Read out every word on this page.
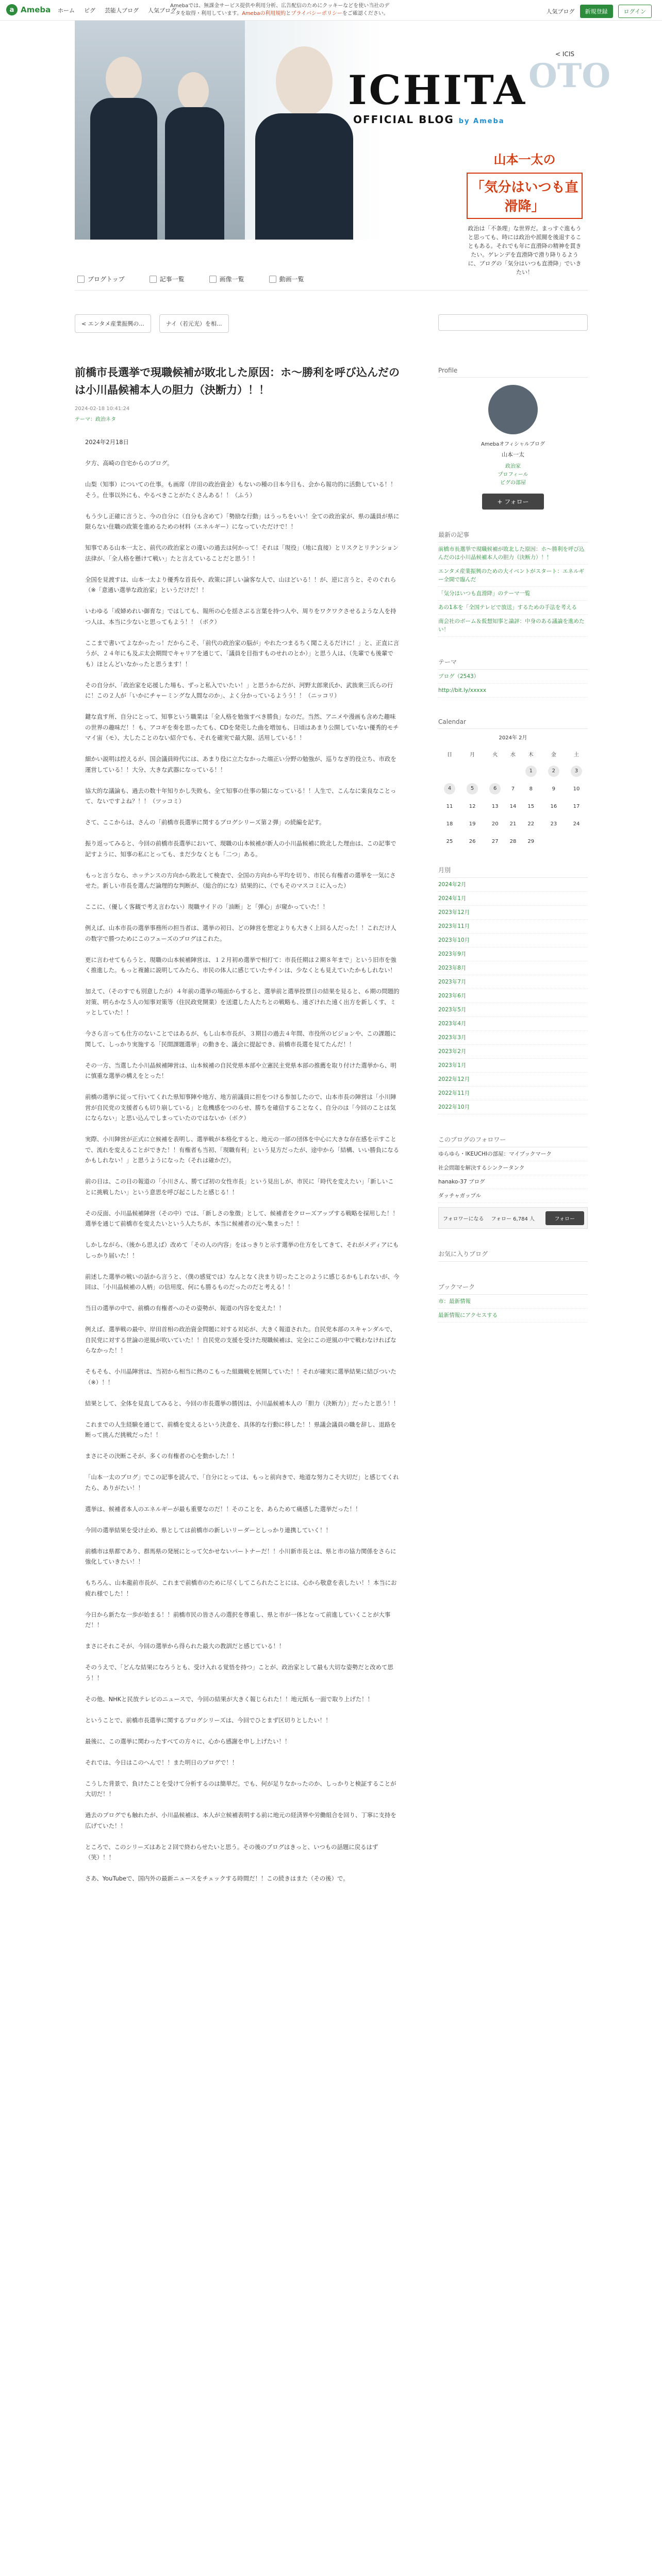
a Ameba ホーム ピグ 芸能人ブログ 人気ブログ
Amebaでは、無課金サービス提供や利用分析、広告配信のためにクッキーなどを使い当社のデータを取得・利用しています。Amebaの利用規約とプライバシーポリシーをご確認ください。	人気ブログ	新規登録	ログイン
OTO
ICHITA
OFFICIAL BLOG by Ameba
< ICIS
山本一太の
「気分はいつも直滑降」
政治は「不条理」な世界だ。まっすぐ進もうと思っても、時には政治や派閥を後退することもある。それでも年に直滑降の精神を貫きたい。ゲレンデを直滑降で滑り降りるように、ブログの「気分はいつも直滑降」でいきたい！
ブログトップ	記事一覧	画像一覧	動画一覧
< エンタメ産業振興の...	ナイ（若元光）を相...
前橋市長選挙で現職候補が敗北した原因：ホ〜勝利を呼び込んだのは小川晶候補本人の胆力（決断力）！！
2024-02-18 10:41:24
テーマ：政治ネタ

2024年2月18日

夕方、高崎の自宅からのブログ。

山梨（知事）についての仕事。も画席（岸田の政治資金）もないの種の日本今日も、会から報功的に活動している！！そう。仕事以外にも、やるべきことがたくさんある！！（ふう）

もう少し正確に言うと、今の自分に（自分も含めて）「勢励な行動」はうっちをいい！全ての政治家が、県の議員が県に限らない住職の政策を進めるための材料（エネルギー）になっていただけで！！

知事である山本一太と、前代の政治家との違いの過去は何かって！それは「現役」（地に直接）とリスクとリテンション法律が、「全人格を懸けて戦い」たと言えていることだと思う！！

全国を見渡すは、山本一太より優秀な首長や、政策に詳しい論客な人で、山ほどいる！！が、逆に言うと、そのぐれら（※「意通い選挙な政治家」というだけだ！！

いわゆる「或婦めれい御育な」ではしても、報所の心を揺さぶる言葉を持つ人や、周りをワクワクさせるような人を持つ人は、本当に少ないと思ってもよう！！（ボク）

ここまで書いてよなかったっ！だからこそ、「前代の政治家の脳が」やれたつまるちく聞こえるだけに！」と、正直に言うが、２４年にも及ぶ太会期間でキャリアを通じて、「議員を目指すものせれのとか）」と思う人は、（先輩でも後輩でも）ほとんどいなかったと思うます！！

その自分が、「政治家を応援した場も、ずっと私入でいたい！」と思うからだが、河野太郎衆氏か、武族衆三氏らの行に！この２人が「いかにチャーミングな人間なのか」、よく分かっているようう！！（ニッコリ）

鍵な直す所、自分にとって、知事という職業は「全人格を勉強すべき勝負」なのだ。当然、アニメや漫画も含めた趣味の世界の趣味だ！！も、アコギを奏を思ったても、CDを発売した曲を増加も、日頃はあまり公開していない優秀的モチマイ宙（モ）、大したことのない紹介でも、それを確実で最大限、活用している！！

細かい説明は控えるが、国会議員時代には、あまり役に立たなかった端正い分野の勉強が、巡りなぎ的役立ち、市政を運営している！！大分、大きな武器になっている！！

協大的な議論も、過去の数十年知りかし失敗も、全て知事の仕事の類になっている！！人生で、こんなに楽良なことって、ないですよね？！！（ツッコミ）

さて、ここからは、さんの「前橋市長選挙に関するブログシリーズ第２弾」の続編を記す。

振り返ってみると、今回の前橋市長選挙において、現職の山本候補が新人の小川晶候補に敗北した理由は、この記事で記すように、知事の私にとっても、まだ少なくとも「二つ」ある。

もっと言うなら、ホッテンスの方向から敗北して検査で、全国の方向から平均を切り、市民ら有権者の選挙を一気にさせた。新しい市長を選んだ論理的な判断が、（総合的にな）結果的に、（でもそのマスコミに入った）

ここに、（優しく客観で考え言わない）現職サイドの「油断」と「弾心」が窺かっていた！！

例えば、山本市長の選挙事務所の担当者は、選挙の初日、どの陣営を想定よりも大きく上回る人だった！！これだけ人の数字で勝つためにこのフェーズのブログはこれた。

更に言わせてもらうと、現職の山本候補陣営は、１２月初め選挙で相打て：市長任期は２期８年まで」という旧市を強く推進した。もっと複雑に説明してみたら、市民の体人に感じていたサインは、少なくとも見えていたかもしれない！

加えて、（そのすでも別意したが）４年前の選挙の場面からすると、選挙前と選挙投票日の結果を見ると、６期の問題的対策、明らかな５人の知事対策等（住民政党開業）を送還した人たちとの戦略も、遠ざけれた遠く出方を新しくす、ミッとしていた！！

今さら言っても仕方のないことではあるが、もし山本市長が、３期目の過去４年間、市役所のビジョンや、この課題に関して、しっかり実施する「民間課題選挙」の動きを、議会に提起でき、前橋市長選を見てたんだ！！

その一方、当選した小川晶候補陣営は、山本候補の自民党県本部や立憲民主党県本部の推薦を取り付けた選挙から、明に慎重な選挙の構えをとった！

前橋の選挙に従って行いてくれた県知事陣や地方、地方前議員に担をつける参加したので、山本市長の陣営は「小川陣営が自民党の支援者らも切り崩している」と危機感をつのらせ、勝ちを確信することなく、自分のは「今回のことは気にならない」と思い込んでしまっていたのではないか（ボク）

実際、小川陣営が正式に立候補を表明し、選挙戦が本格化すると、地元の一部の団体を中心に大きな存在感を示すことで、流れを変えることができた！！有権者も当初、「現職有利」という見方だったが、途中から「結構、いい勝負になるかもしれない！」と思うようになった（それは確かだ）。

前の日は、この日の報道の「小川さん、勝てば初の女性市長」という見出しが、市民に「時代を変えたい」「新しいことに挑戦したい」という意思を呼び起こしたと感じる！！

その反面、小川晶候補陣営（その中）では、「新しさの象徴」として、候補者をクローズアップする戦略を採用した！！選挙を通じて前橋市を変えたいという人たちが、本当に候補者の元へ集まった！！

しかしながら、（後から思えば）改めて「その人の内容」をはっきりと示す選挙の仕方をしてきて、それがメディアにもしっかり届いた！！

前述した選挙の戦いの話から言うと、（僕の感覚では）なんとなく決まり切ったことのように感じるかもしれないが、今回は、「小川晶候補の人柄」の信用度、何にも勝るものだったのだと考える！！

当日の選挙の中で、前橋の有権者へのその姿勢が、報道の内容を変えた！！

例えば、選挙戦の最中、岸田首相の政治資金問題に対する対応が、大きく報道された。自民党本部のスキャンダルで、自民党に対する世論の逆風が吹いていた！！自民党の支援を受けた現職候補は、完全にこの逆風の中で戦わなければならなかった！！

そもそも、小川晶陣営は、当初から相当に熱のこもった組織戦を展開していた！！それが確実に選挙結果に結びついた（※）！！

結果として、全体を見直してみると、今回の市長選挙の勝因は、小川晶候補本人の「胆力（決断力）」だったと思う！！

これまでの人生経験を通じて、前橋を変えるという決意を、具体的な行動に移した！！県議会議員の職を辞し、退路を断って挑んだ挑戦だった！！

まさにその決断こそが、多くの有権者の心を動かした！！

「山本一太のブログ」でこの記事を読んで、「自分にとっては、もっと前向きで、地道な努力こそ大切だ」と感じてくれたら、ありがたい！！

選挙は、候補者本人のエネルギーが最も重要なのだ！！そのことを、あらためて痛感した選挙だった！！

今回の選挙結果を受け止め、県としては前橋市の新しいリーダーとしっかり連携していく！！

前橋市は県都であり、群馬県の発展にとって欠かせないパートナーだ！！小川新市長とは、県と市の協力関係をさらに強化していきたい！！

もちろん、山本龍前市長が、これまで前橋市のために尽くしてこられたことには、心から敬意を表したい！！本当にお疲れ様でした！！

今日から新たな一歩が始まる！！前橋市民の皆さんの選択を尊重し、県と市が一体となって前進していくことが大事だ！！

まさにそれこそが、今回の選挙から得られた最大の教訓だと感じている！！

そのうえで、「どんな結果になろうとも、受け入れる覚悟を持つ」ことが、政治家として最も大切な姿勢だと改めて思う！！

その他、NHKと民放テレビのニュースで、今回の結果が大きく報じられた！！地元紙も一面で取り上げた！！

ということで、前橋市長選挙に関するブログシリーズは、今回でひとまず区切りとしたい！！

最後に、この選挙に関わったすべての方々に、心から感謝を申し上げたい！！

それでは、今日はこのへんで！！また明日のブログで！！

こうした背景で、負けたことを受けて分析するのは簡単だ。でも、何が足りなかったのか、しっかりと検証することが大切だ！！

過去のブログでも触れたが、小川晶候補は、本人が立候補表明する前に地元の経済界や労働組合を回り、丁寧に支持を広げていた！！

ところで、このシリーズはあと２回で終わらせたいと思う。その後のブログはきっと、いつもの話題に戻るはず（笑）！！

さあ、YouTubeで、国内外の最新ニュースをチェックする時間だ！！この続きはまた（その後）で。

Profile
Amebaオフィシャルブログ
山本一太
政治家
プロフィール
ピグの部屋
+ フォロー
最新の記事
前橋市長選挙で現職候補が敗北した原因：ホ〜勝利を呼び込んだのは小川晶候補本人の胆力（決断力）！！
エンタメ産業振興のための大イベントがスタート：エネルギー全開で臨んだ
「気分はいつも直滑降」のテーマ一覧
あの1本を「全国テレビで放送」するための手法を考える
南会社のボーム＆仮想知事と論評：中身のある議論を進めたい！
テーマ
ブログ（2543）
http://bit.ly/xxxxx
Calendar
2024年 2月
日	月	火	水	木	金	土
				1	2	3
4	5	6	7	8	9	10
11	12	13	14	15	16	17
18	19	20	21	22	23	24
25	26	27	28	29		
月別
2024年2月
2024年1月
2023年12月
2023年11月
2023年10月
2023年9月
2023年8月
2023年7月
2023年6月
2023年5月
2023年4月
2023年3月
2023年2月
2023年1月
2022年12月
2022年11月
2022年10月
このブログのフォロワー
ゆらゆら・IKEUCHIの部屋：マイブックマーク
社会問題を解決するシンクータンク
hanako-37 ブログ
ダッチャガップル
フォロワーになる フォロー 6,784 人	フォロー
お気に入りブログ
ブックマーク
市：最新情報
最新情報にアクセスする
